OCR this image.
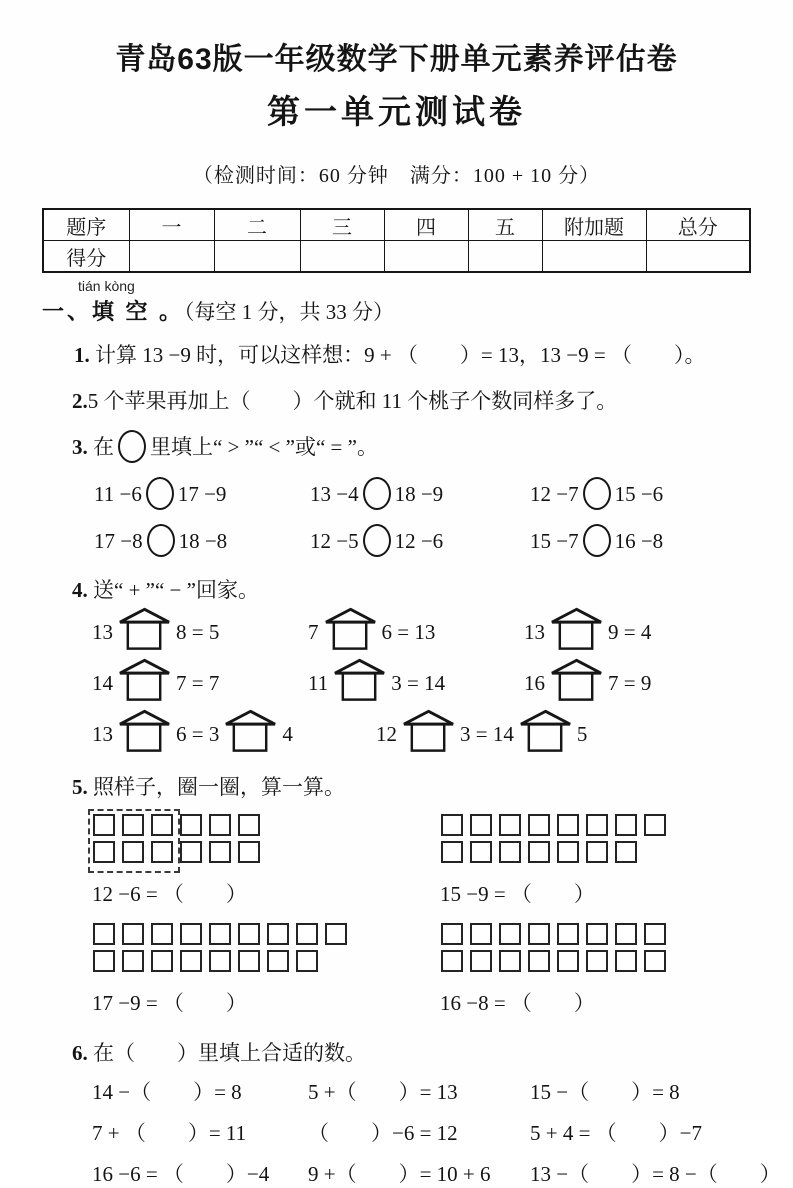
青岛63版一年级数学下册单元素养评估卷
第一单元测试卷
（检测时间：60 分钟　满分：100 + 10 分）
题序	一	二	三	四	五	附加题	总分
得分							
tián kòng
一、填 空 。（每空 1 分，共 33 分）
1. 计算 13 −9 时，可以这样想：9 + （　　）= 13，13 −9 = （　　）。
2.5 个苹果再加上（　　）个就和 11 个桃子个数同样多了。
3. 在 里填上“ > ”“ < ”或“ = ”。
11 −6 17 −9	13 −4 18 −9	12 −7 15 −6
17 −8 18 −8	12 −5 12 −6	15 −7 16 −8
4. 送“ + ”“ − ”回家。
13	8 = 5	7	6 = 13	13	9 = 4
14	7 = 7	11	3 = 14	16	7 = 9
13	6 = 3	4	12	3 = 14	5
5. 照样子，圈一圈，算一算。
12 −6 = （　　）	15 −9 = （　　）
17 −9 = （　　）	16 −8 = （　　）
6. 在（　　）里填上合适的数。
14 −（　　）= 8	5 +（　　）= 13	15 −（　　）= 8
7 + （　　）= 11	（　　）−6 = 12	5 + 4 = （　　）−7
16 −6 = （　　）−4	9 +（　　）= 10 + 6	13 −（　　）= 8 −（　　）
